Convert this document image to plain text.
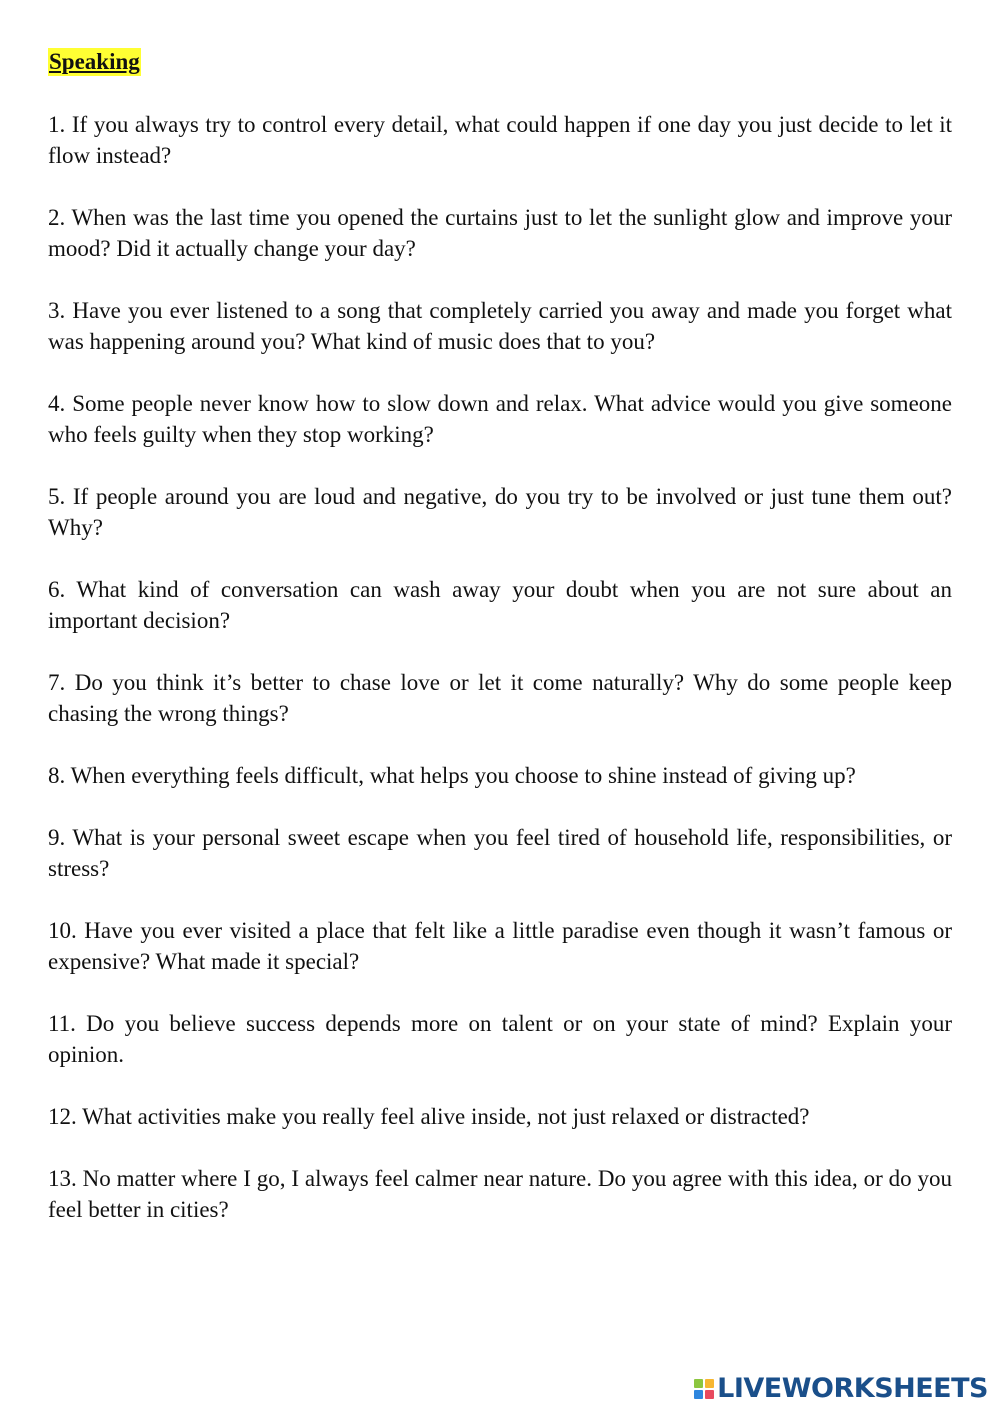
Speaking

1. If you always try to control every detail, what could happen if one day you just decide to let it flow instead?

2. When was the last time you opened the curtains just to let the sunlight glow and improve your mood? Did it actually change your day?

3. Have you ever listened to a song that completely carried you away and made you forget what was happening around you? What kind of music does that to you?

4. Some people never know how to slow down and relax. What advice would you give someone who feels guilty when they stop working?

5. If people around you are loud and negative, do you try to be involved or just tune them out? Why?

6. What kind of conversation can wash away your doubt when you are not sure about an important decision?

7. Do you think it’s better to chase love or let it come naturally? Why do some people keep chasing the wrong things?

8. When everything feels difficult, what helps you choose to shine instead of giving up?

9. What is your personal sweet escape when you feel tired of household life, responsibilities, or stress?

10. Have you ever visited a place that felt like a little paradise even though it wasn’t famous or expensive? What made it special?

11. Do you believe success depends more on talent or on your state of mind? Explain your opinion.

12. What activities make you really feel alive inside, not just relaxed or distracted?

13. No matter where I go, I always feel calmer near nature. Do you agree with this idea, or do you feel better in cities?

LIVEWORKSHEETS
